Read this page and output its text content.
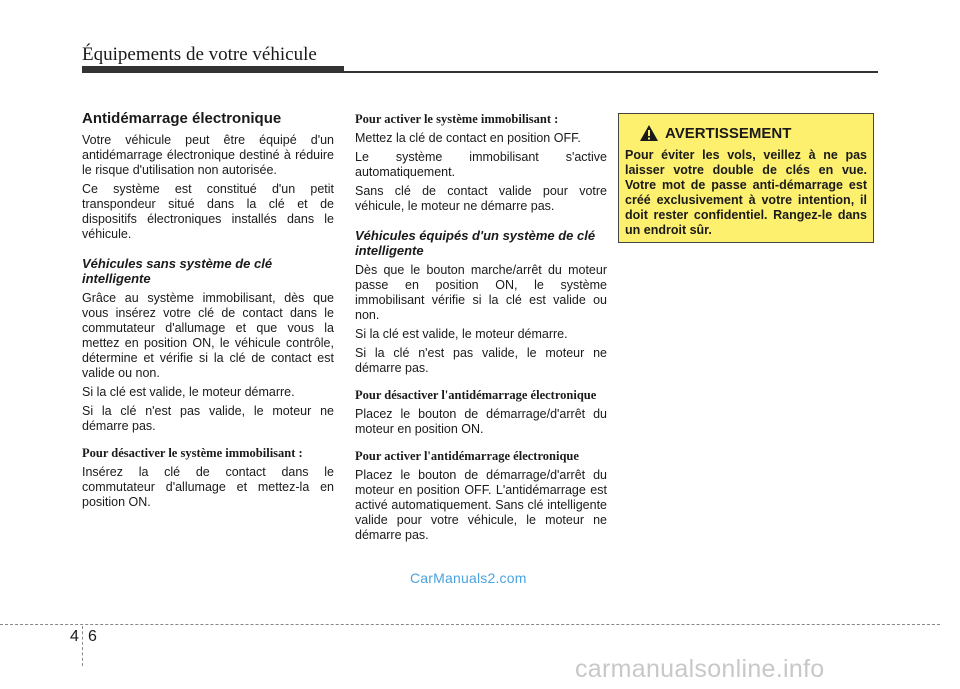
Équipements de votre véhicule
Antidémarrage électronique

Votre véhicule peut être équipé d'un antidémarrage électronique destiné à réduire le risque d'utilisation non autorisée.

Ce système est constitué d'un petit transpondeur situé dans la clé et de dispositifs électroniques installés dans le véhicule.

Véhicules sans système de clé intelligente

Grâce au système immobilisant, dès que vous insérez votre clé de contact dans le commutateur d'allumage et que vous la mettez en position ON, le véhicule contrôle, détermine et vérifie si la clé de contact est valide ou non.

Si la clé est valide, le moteur démarre.

Si la clé n'est pas valide, le moteur ne démarre pas.

Pour désactiver le système immobilisant :

Insérez la clé de contact dans le commutateur d'allumage et mettez-la en position ON.

Pour activer le système immobilisant :

Mettez la clé de contact en position OFF.

Le système immobilisant s'active automatiquement.

Sans clé de contact valide pour votre véhicule, le moteur ne démarre pas.

Véhicules équipés d'un système de clé intelligente

Dès que le bouton marche/arrêt du moteur passe en position ON, le système immobilisant vérifie si la clé est valide ou non.

Si la clé est valide, le moteur démarre.

Si la clé n'est pas valide, le moteur ne démarre pas.

Pour désactiver l'antidémarrage électronique

Placez le bouton de démarrage/d'arrêt du moteur en position ON.

Pour activer l'antidémarrage électronique

Placez le bouton de démarrage/d'arrêt du moteur en position OFF. L'antidémarrage est activé automatiquement. Sans clé intelligente valide pour votre véhicule, le moteur ne démarre pas.

AVERTISSEMENT
Pour éviter les vols, veillez à ne pas laisser votre double de clés en vue. Votre mot de passe anti-démarrage est créé exclusivement à votre intention, il doit rester confidentiel. Rangez-le dans un endroit sûr.
CarManuals2.com
4 6
carmanualsonline.info
